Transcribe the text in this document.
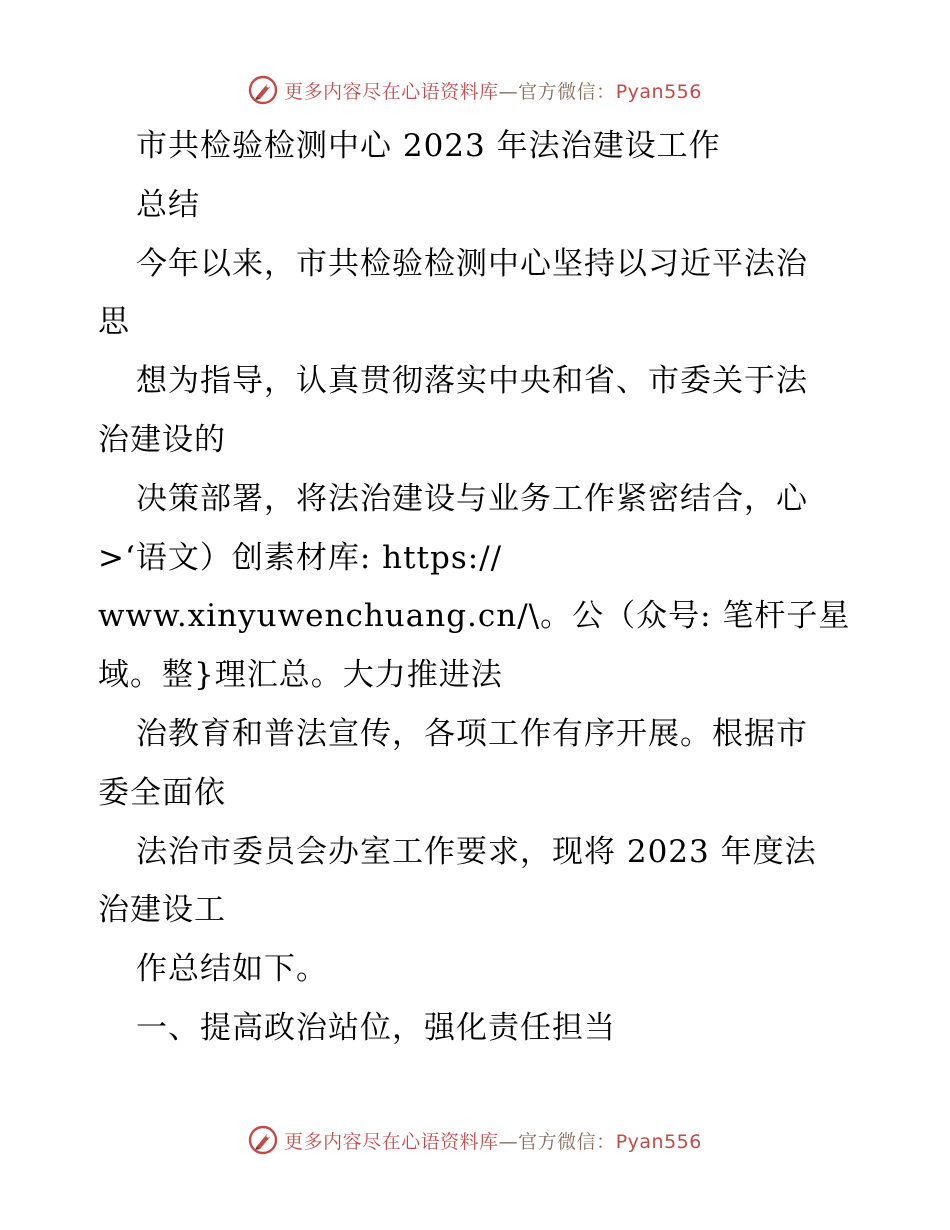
更多内容尽在心语资料库—官方微信：Pyan556
市共检验检测中心 2023 年法治建设工作
总结
今年以来，市共检验检测中心坚持以习近平法治
思
想为指导，认真贯彻落实中央和省、市委关于法
治建设的
决策部署，将法治建设与业务工作紧密结合，心
>‘语文）创素材库: https://
www.xinyuwenchuang.cn/\。公（众号: 笔杆子星
域。整}理汇总。大力推进法
治教育和普法宣传，各项工作有序开展。根据市
委全面依
法治市委员会办室工作要求，现将 2023 年度法
治建设工
作总结如下。
一、提高政治站位，强化责任担当
更多内容尽在心语资料库—官方微信：Pyan556
